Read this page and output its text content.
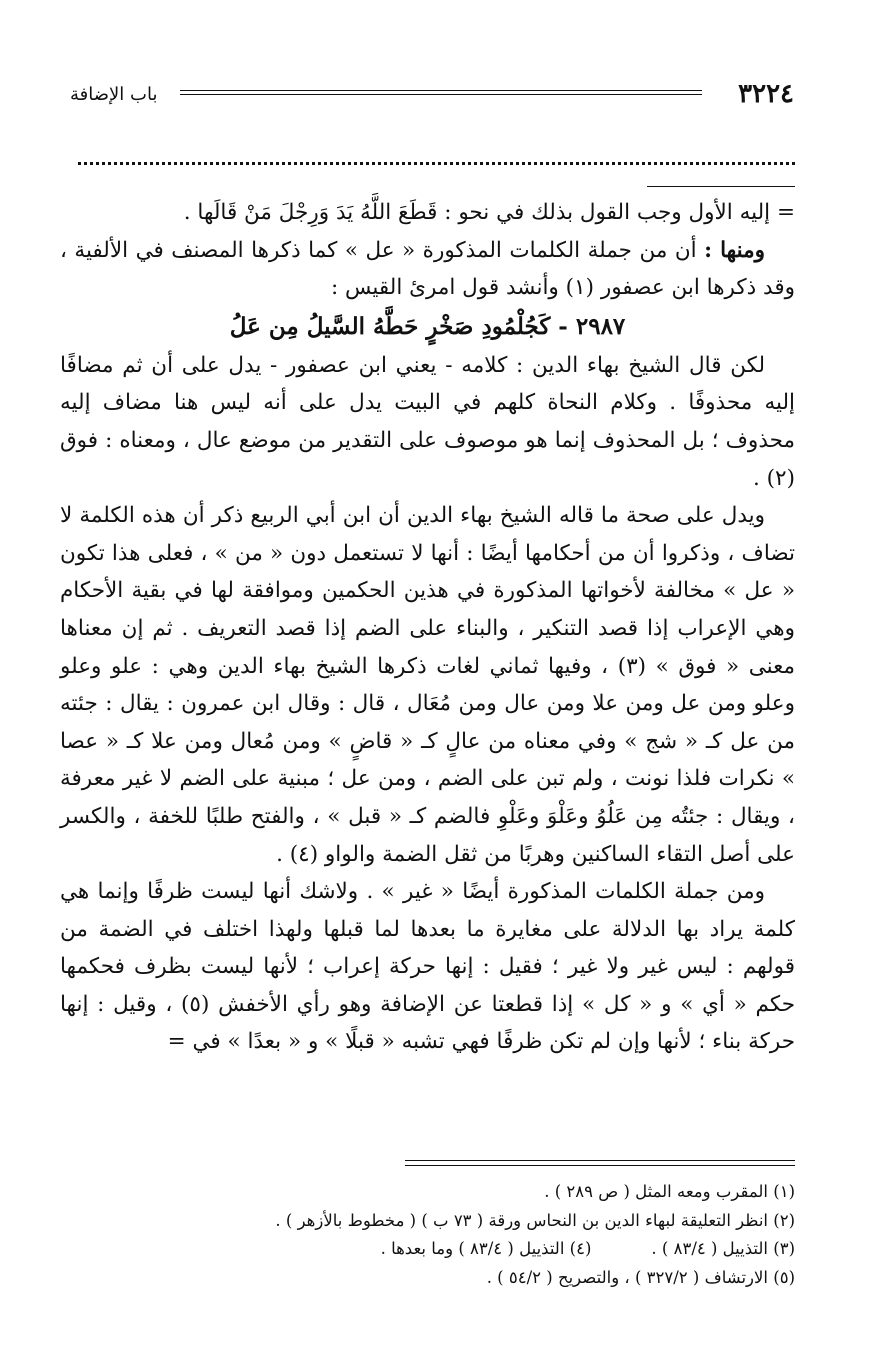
٣٢٢٤
باب الإضافة

= إليه الأول وجب القول بذلك في نحو : قَطَعَ اللَّهُ يَدَ وَرِجْلَ مَنْ قَالَها .

ومنها : أن من جملة الكلمات المذكورة « عل » كما ذكرها المصنف في الألفية ، وقد ذكرها ابن عصفور (١) وأنشد قول امرئ القيس :

٢٩٨٧ - كَجُلْمُودِ صَخْرٍ حَطَّهُ السَّيلُ مِن عَلُ

لكن قال الشيخ بهاء الدين : كلامه - يعني ابن عصفور - يدل على أن ثم مضافًا إليه محذوفًا . وكلام النحاة كلهم في البيت يدل على أنه ليس هنا مضاف إليه محذوف ؛ بل المحذوف إنما هو موصوف على التقدير من موضع عال ، ومعناه : فوق (٢) .

ويدل على صحة ما قاله الشيخ بهاء الدين أن ابن أبي الربيع ذكر أن هذه الكلمة لا تضاف ، وذكروا أن من أحكامها أيضًا : أنها لا تستعمل دون « من » ، فعلى هذا تكون « عل » مخالفة لأخواتها المذكورة في هذين الحكمين وموافقة لها في بقية الأحكام وهي الإعراب إذا قصد التنكير ، والبناء على الضم إذا قصد التعريف . ثم إن معناها معنى « فوق » (٣) ، وفيها ثماني لغات ذكرها الشيخ بهاء الدين وهي : علو وعلو وعلو ومن عل ومن علا ومن عال ومن مُعَال ، قال : وقال ابن عمرون : يقال : جئته من عل كـ « شج » وفي معناه من عالٍ كـ « قاضٍ » ومن مُعال ومن علا كـ « عصا » نكرات فلذا نونت ، ولم تبن على الضم ، ومن عل ؛ مبنية على الضم لا غير معرفة ، ويقال : جئتُه مِن عَلُوُ وعَلْوَ وعَلْوِ فالضم كـ « قبل » ، والفتح طلبًا للخفة ، والكسر على أصل التقاء الساكنين وهربًا من ثقل الضمة والواو (٤) .

ومن جملة الكلمات المذكورة أيضًا « غير » . ولاشك أنها ليست ظرفًا وإنما هي كلمة يراد بها الدلالة على مغايرة ما بعدها لما قبلها ولهذا اختلف في الضمة من قولهم : ليس غير ولا غير ؛ فقيل : إنها حركة إعراب ؛ لأنها ليست بظرف فحكمها حكم « أي » و « كل » إذا قطعتا عن الإضافة وهو رأي الأخفش (٥) ، وقيل : إنها حركة بناء ؛ لأنها وإن لم تكن ظرفًا فهي تشبه « قبلًا » و « بعدًا » في =

(١) المقرب ومعه المثل ( ص ٢٨٩ ) .
(٢) انظر التعليقة لبهاء الدين بن النحاس ورقة ( ٧٣ ب ) ( مخطوط بالأزهر ) .
(٣) التذييل ( ٨٣/٤ ) .
(٤) التذييل ( ٨٣/٤ ) وما بعدها .
(٥) الارتشاف ( ٣٢٧/٢ ) ، والتصريح ( ٥٤/٢ ) .
